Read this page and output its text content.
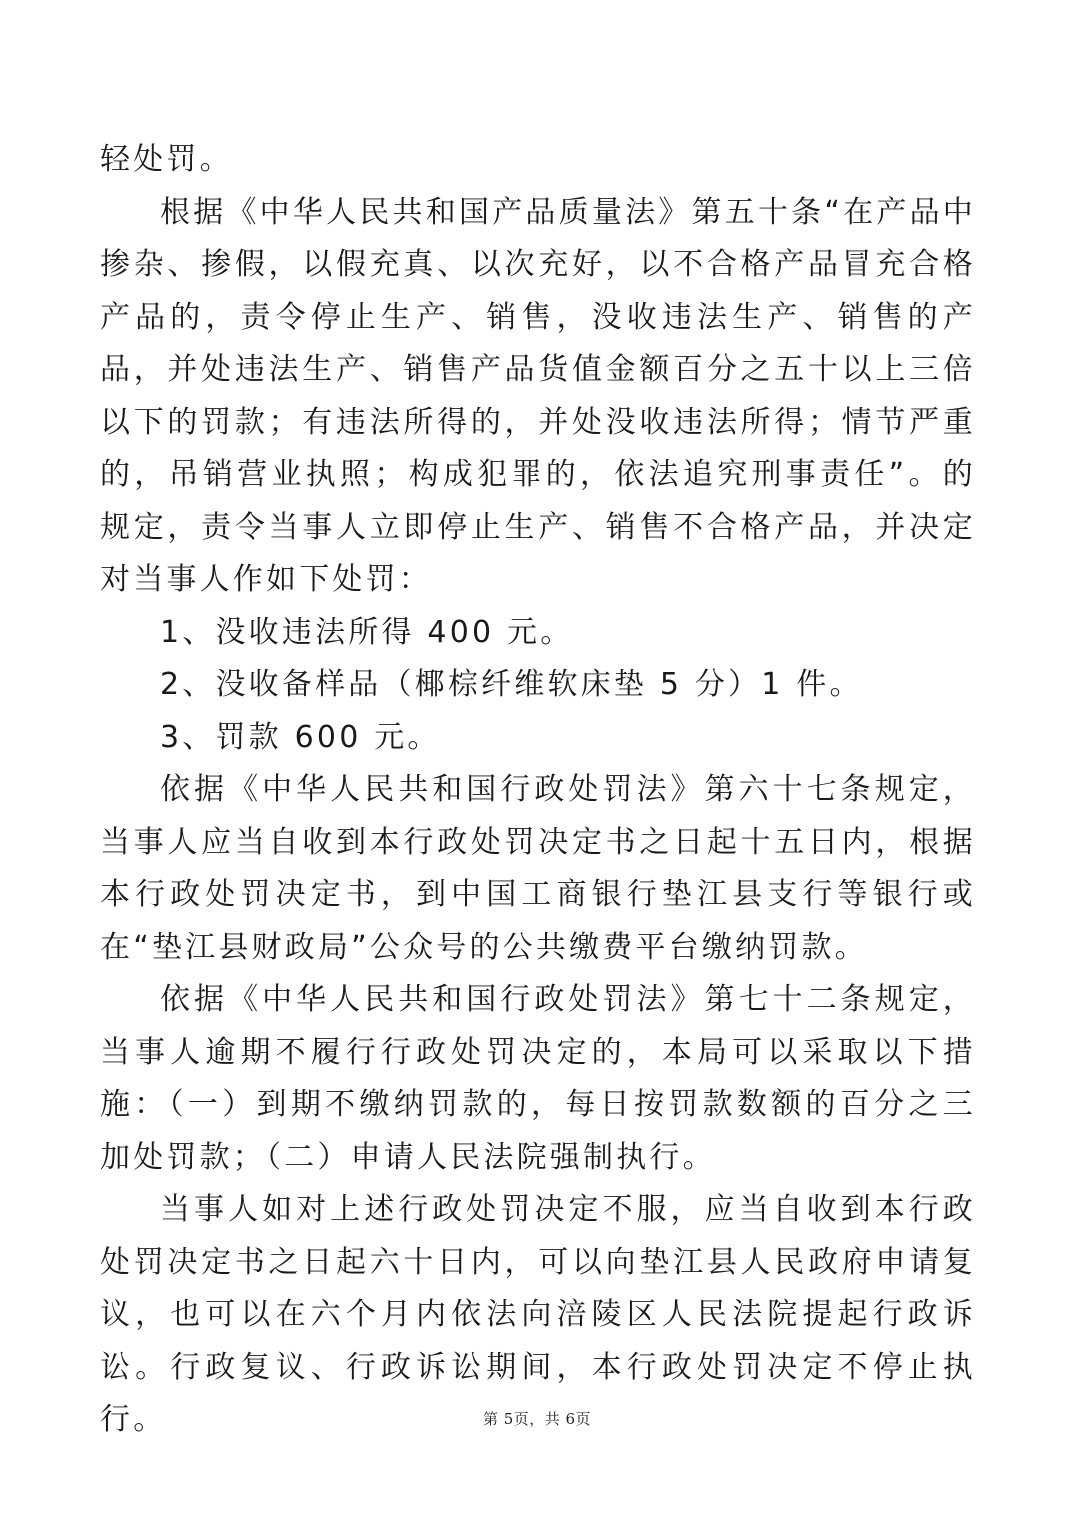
轻处罚。

根据《中华人民共和国产品质量法》第五十条“在产品中掺杂、掺假，以假充真、以次充好，以不合格产品冒充合格产品的，责令停止生产、销售，没收违法生产、销售的产品，并处违法生产、销售产品货值金额百分之五十以上三倍以下的罚款；有违法所得的，并处没收违法所得；情节严重的，吊销营业执照；构成犯罪的，依法追究刑事责任”。的规定，责令当事人立即停止生产、销售不合格产品，并决定对当事人作如下处罚：

1、没收违法所得 400 元。

2、没收备样品（椰棕纤维软床垫 5 分）1 件。

3、罚款 600 元。

依据《中华人民共和国行政处罚法》第六十七条规定，当事人应当自收到本行政处罚决定书之日起十五日内，根据本行政处罚决定书，到中国工商银行垫江县支行等银行或在“垫江县财政局”公众号的公共缴费平台缴纳罚款。

依据《中华人民共和国行政处罚法》第七十二条规定，当事人逾期不履行行政处罚决定的，本局可以采取以下措施：（一）到期不缴纳罚款的，每日按罚款数额的百分之三加处罚款；（二）申请人民法院强制执行。

当事人如对上述行政处罚决定不服，应当自收到本行政处罚决定书之日起六十日内，可以向垫江县人民政府申请复议，也可以在六个月内依法向涪陵区人民法院提起行政诉讼。行政复议、行政诉讼期间，本行政处罚决定不停止执行。	第 5页，共 6页
